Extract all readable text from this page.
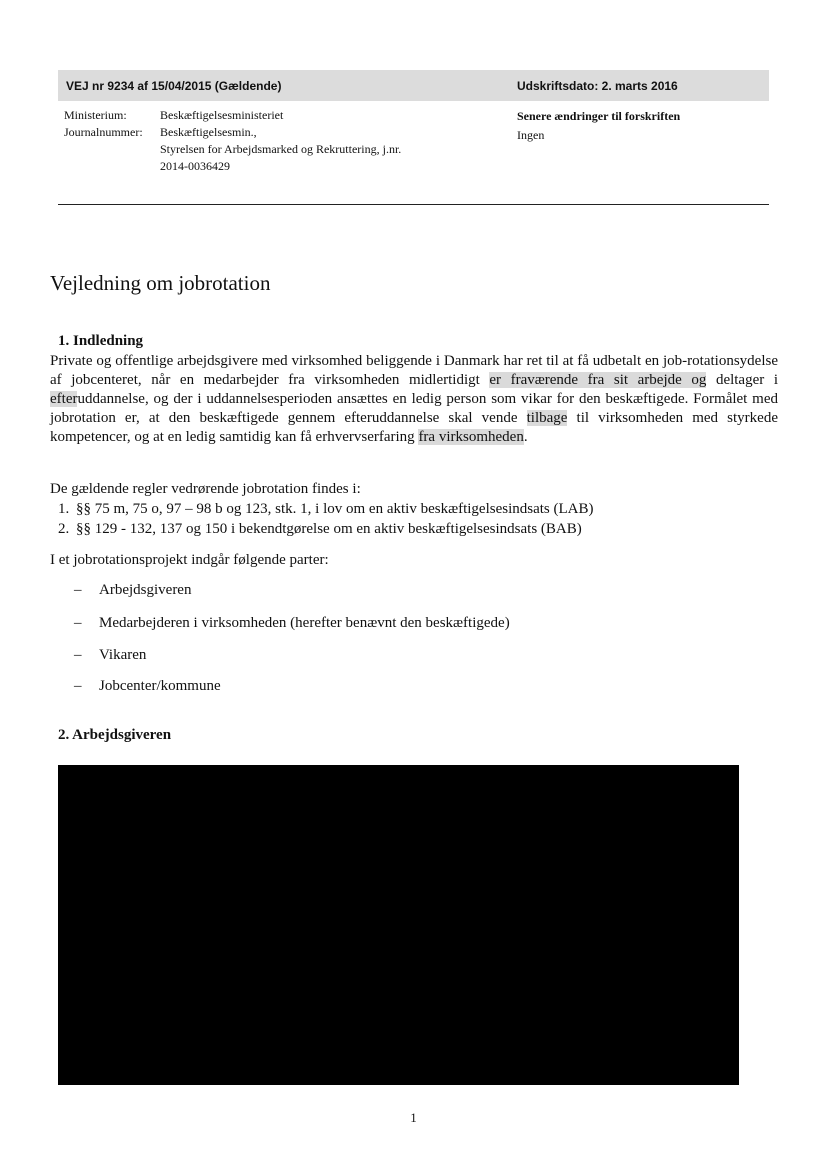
VEJ nr 9234 af 15/04/2015 (Gældende)	Udskriftsdato: 2. marts 2016
Ministerium:	Beskæftigelsesministeriet
Journalnummer: Beskæftigelsesmin.,
Styrelsen for Arbejdsmarked og Rekruttering, j.nr.
2014-0036429
Senere ændringer til forskriften
Ingen
Vejledning om jobrotation
1. Indledning
Private og offentlige arbejdsgivere med virksomhed beliggende i Danmark har ret til at få udbetalt en job-rotationsydelse af jobcenteret, når en medarbejder fra virksomheden midlertidigt er fraværende fra sit arbejde og deltager i efteruddannelse, og der i uddannelsesperioden ansættes en ledig person som vikar for den beskæftigede. Formålet med jobrotation er, at den beskæftigede gennem efteruddannelse skal vende tilbage til virksomheden med styrkede kompetencer, og at en ledig samtidig kan få erhvervserfaring fra virksomheden.
De gældende regler vedrørende jobrotation findes i:
1. §§ 75 m, 75 o, 97 – 98 b og 123, stk. 1, i lov om en aktiv beskæftigelsesindsats (LAB)
2. §§ 129 - 132, 137 og 150 i bekendtgørelse om en aktiv beskæftigelsesindsats (BAB)
I et jobrotationsprojekt indgår følgende parter:
– Arbejdsgiveren
– Medarbejderen i virksomheden (herefter benævnt den beskæftigede)
– Vikaren
– Jobcenter/kommune
2. Arbejdsgiveren
1
